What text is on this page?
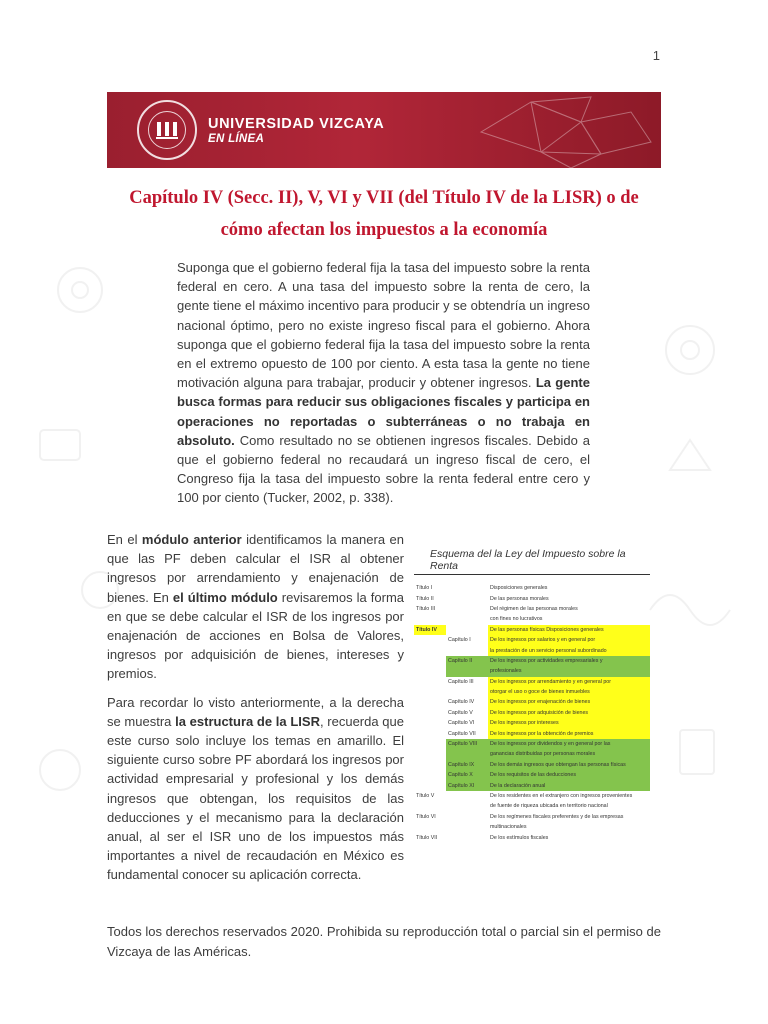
1
UNIVERSIDAD VIZCAYA
EN LÍNEA
Capítulo IV (Secc. II), V, VI y VII (del Título IV de la LISR) o de cómo afectan los impuestos a la economía
Suponga que el gobierno federal fija la tasa del impuesto sobre la renta federal en cero. A una tasa del impuesto sobre la renta de cero, la gente tiene el máximo incentivo para producir y se obtendría un ingreso nacional óptimo, pero no existe ingreso fiscal para el gobierno. Ahora suponga que el gobierno federal fija la tasa del impuesto sobre la renta en el extremo opuesto de 100 por ciento. A esta tasa la gente no tiene motivación alguna para trabajar, producir y obtener ingresos. La gente busca formas para reducir sus obligaciones fiscales y participa en operaciones no reportadas o subterráneas o no trabaja en absoluto. Como resultado no se obtienen ingresos fiscales. Debido a que el gobierno federal no recaudará un ingreso fiscal de cero, el Congreso fija la tasa del impuesto sobre la renta federal entre cero y 100 por ciento (Tucker, 2002, p. 338).

En el módulo anterior identificamos la manera en que las PF deben calcular el ISR al obtener ingresos por arrendamiento y enajenación de bienes. En el último módulo revisaremos la forma en que se debe calcular el ISR de los ingresos por enajenación de acciones en Bolsa de Valores, ingresos por adquisición de bienes, intereses y premios.

Para recordar lo visto anteriormente, a la derecha se muestra la estructura de la LISR, recuerda que este curso solo incluye los temas en amarillo. El siguiente curso sobre PF abordará los ingresos por actividad empresarial y profesional y los demás ingresos que obtengan, los requisitos de las deducciones y el mecanismo para la declaración anual, al ser el ISR uno de los impuestos más importantes a nivel de recaudación en México es fundamental conocer su aplicación correcta.

Esquema del la Ley del Impuesto sobre la Renta
Título I		Disposiciones generales
Título II		De las personas morales
Título III		Del régimen de las personas morales
		con fines no lucrativos
Título IV		De las personas físicas Disposiciones generales
	Capítulo I	De los ingresos por salarios y en general por
		la prestación de un servicio personal subordinado
	Capítulo II	De los ingresos por actividades empresariales y
		profesionales
	Capítulo III	De los ingresos por arrendamiento y en general por
		otorgar el uso o goce de bienes inmuebles
	Capítulo IV	De los ingresos por enajenación de bienes
	Capítulo V	De los ingresos por adquisición de bienes
	Capítulo VI	De los ingresos por intereses
	Capítulo VII	De los ingresos por la obtención de premios
	Capítulo VIII	De los ingresos por dividendos y en general por las
		ganancias distribuidas por personas morales
	Capítulo IX	De los demás ingresos que obtengan las personas físicas
	Capítulo X	De los requisitos de las deducciones
	Capítulo XI	De la declaración anual
Título V		De los residentes en el extranjero con ingresos provenientes
		de fuente de riqueza ubicada en territorio nacional
Título VI		De los regímenes fiscales preferentes y de las empresas
		multinacionales
Título VII		De los estímulos fiscales
Todos los derechos reservados 2020. Prohibida su reproducción total o parcial sin el permiso de Vizcaya de las Américas.
